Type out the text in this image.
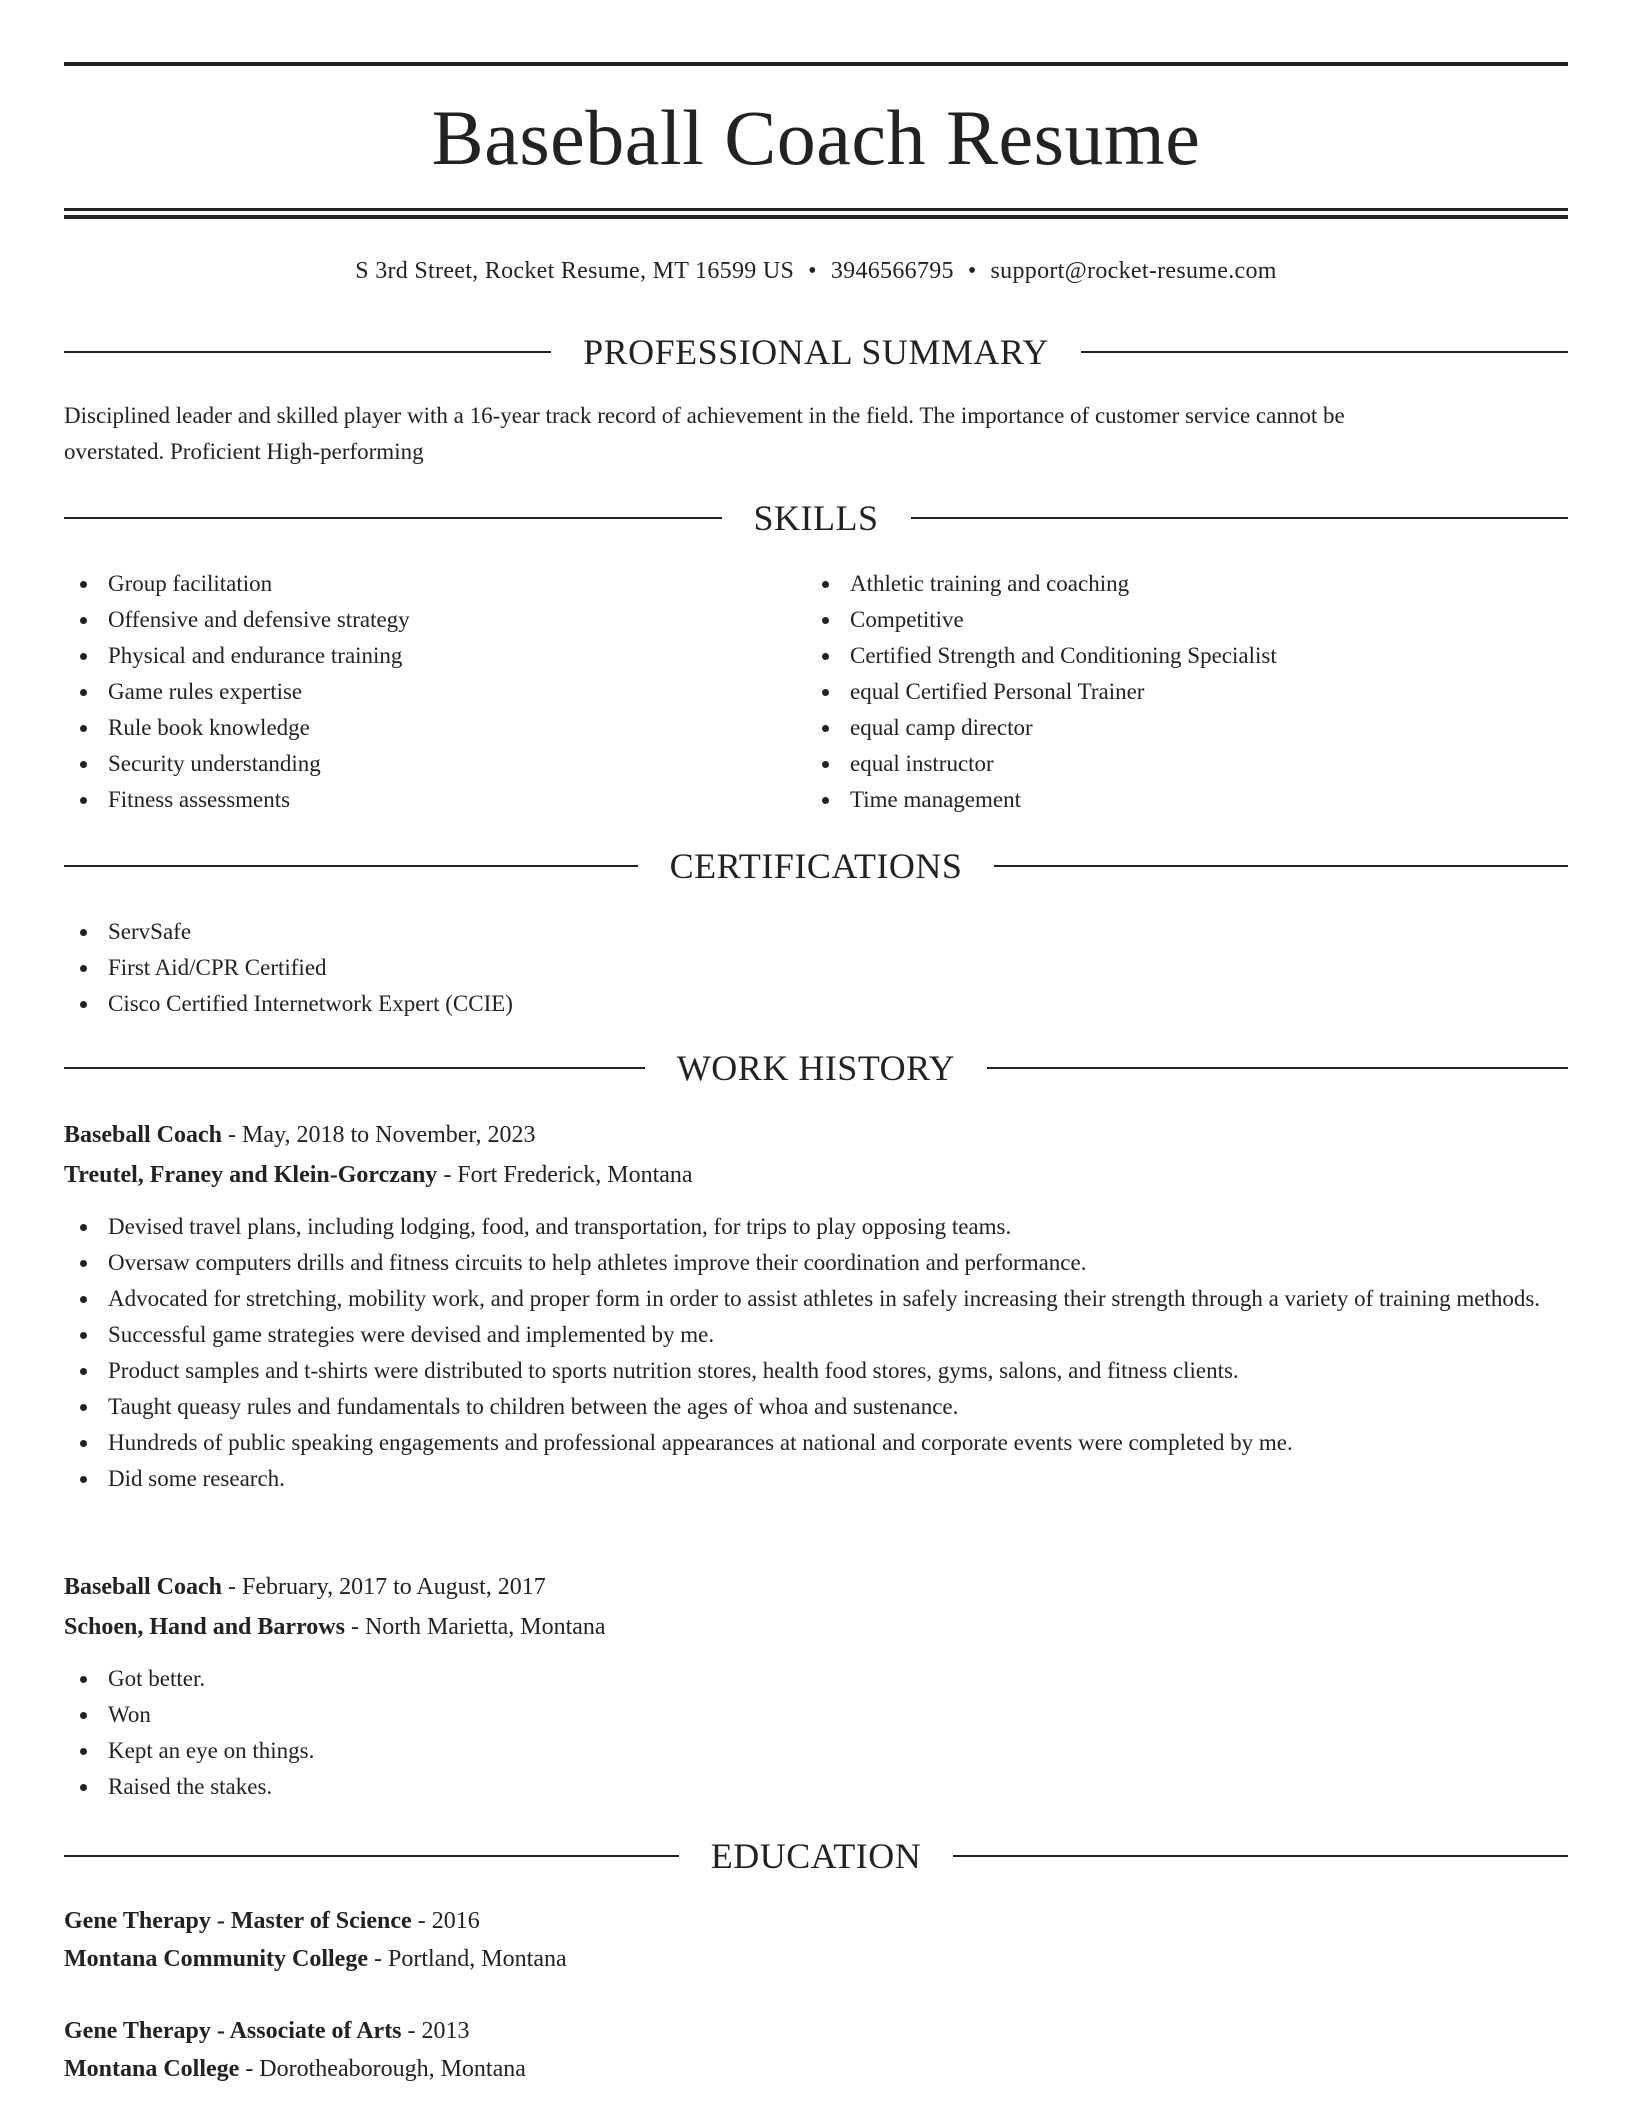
Baseball Coach Resume
S 3rd Street, Rocket Resume, MT 16599 US • 3946566795 • support@rocket-resume.com
PROFESSIONAL SUMMARY
Disciplined leader and skilled player with a 16-year track record of achievement in the field. The importance of customer service cannot be
overstated. Proficient High-performing
SKILLS
Group facilitation
Offensive and defensive strategy
Physical and endurance training
Game rules expertise
Rule book knowledge
Security understanding
Fitness assessments
Athletic training and coaching
Competitive
Certified Strength and Conditioning Specialist
equal Certified Personal Trainer
equal camp director
equal instructor
Time management
CERTIFICATIONS
ServSafe
First Aid/CPR Certified
Cisco Certified Internetwork Expert (CCIE)
WORK HISTORY
Baseball Coach - May, 2018 to November, 2023
Treutel, Franey and Klein-Gorczany - Fort Frederick, Montana
Devised travel plans, including lodging, food, and transportation, for trips to play opposing teams.
Oversaw computers drills and fitness circuits to help athletes improve their coordination and performance.
Advocated for stretching, mobility work, and proper form in order to assist athletes in safely increasing their strength through a variety of training methods.
Successful game strategies were devised and implemented by me.
Product samples and t-shirts were distributed to sports nutrition stores, health food stores, gyms, salons, and fitness clients.
Taught queasy rules and fundamentals to children between the ages of whoa and sustenance.
Hundreds of public speaking engagements and professional appearances at national and corporate events were completed by me.
Did some research.
Baseball Coach - February, 2017 to August, 2017
Schoen, Hand and Barrows - North Marietta, Montana
Got better.
Won
Kept an eye on things.
Raised the stakes.
EDUCATION
Gene Therapy - Master of Science - 2016
Montana Community College - Portland, Montana
Gene Therapy - Associate of Arts - 2013
Montana College - Dorotheaborough, Montana
